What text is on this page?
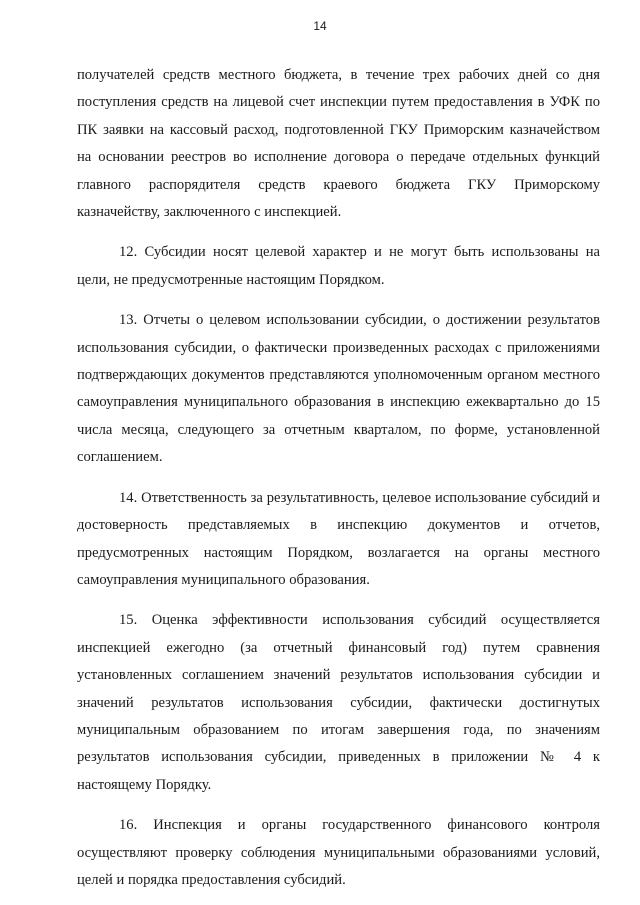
14

получателей средств местного бюджета, в течение трех рабочих дней со дня поступления средств на лицевой счет инспекции путем предоставления в УФК по ПК заявки на кассовый расход, подготовленной ГКУ Приморским казначейством на основании реестров во исполнение договора о передаче отдельных функций главного распорядителя средств краевого бюджета ГКУ Приморскому казначейству, заключенного с инспекцией.

12. Субсидии носят целевой характер и не могут быть использованы на цели, не предусмотренные настоящим Порядком.

13. Отчеты о целевом использовании субсидии, о достижении результатов использования субсидии, о фактически произведенных расходах с приложениями подтверждающих документов представляются уполномоченным органом местного самоуправления муниципального образования в инспекцию ежеквартально до 15 числа месяца, следующего за отчетным кварталом, по форме, установленной соглашением.

14. Ответственность за результативность, целевое использование субсидий и достоверность представляемых в инспекцию документов и отчетов, предусмотренных настоящим Порядком, возлагается на органы местного самоуправления муниципального образования.

15. Оценка эффективности использования субсидий осуществляется инспекцией ежегодно (за отчетный финансовый год) путем сравнения установленных соглашением значений результатов использования субсидии и значений результатов использования субсидии, фактически достигнутых муниципальным образованием по итогам завершения года, по значениям результатов использования субсидии, приведенных в приложении № 4 к настоящему Порядку.

16. Инспекция и органы государственного финансового контроля осуществляют проверку соблюдения муниципальными образованиями условий, целей и порядка предоставления субсидий.
